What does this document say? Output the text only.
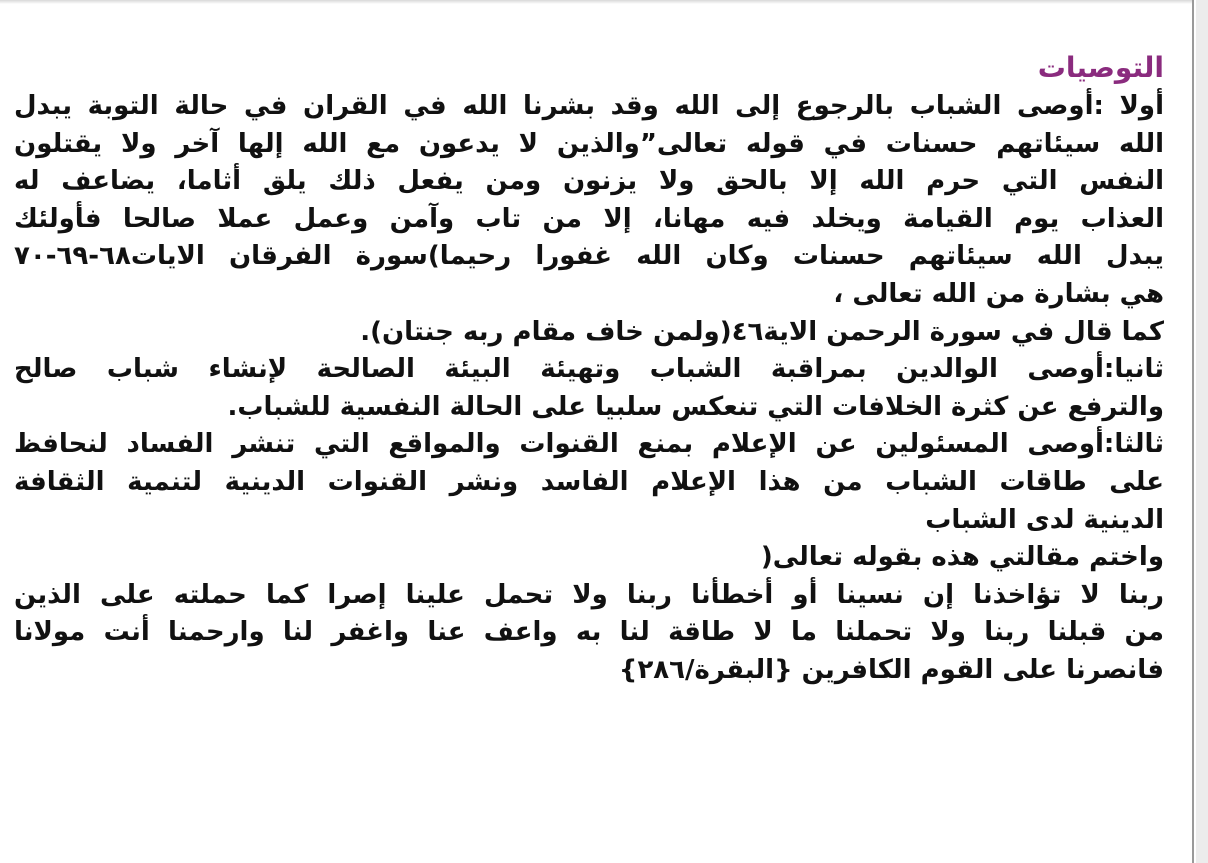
التوصيات
أولا :أوصى الشباب بالرجوع إلى الله وقد بشرنا الله في القران في حالة التوبة يبدل
الله سيئاتهم حسنات في قوله تعالى”والذين لا يدعون مع الله إلها آخر ولا يقتلون
النفس التي حرم الله إلا بالحق ولا يزنون ومن يفعل ذلك يلق أثاما، يضاعف له
العذاب يوم القيامة ويخلد فيه مهانا، إلا من تاب وآمن وعمل عملا صالحا فأولئك
يبدل الله سيئاتهم حسنات وكان الله غفورا رحيما)سورة الفرقان الايات٦٨-٦٩-٧٠
هي بشارة من الله تعالى ،
كما قال في سورة الرحمن الاية٤٦(ولمن خاف مقام ربه جنتان).
ثانيا:أوصى الوالدين بمراقبة الشباب وتهيئة البيئة الصالحة لإنشاء شباب صالح
والترفع عن كثرة الخلافات التي تنعكس سلبيا على الحالة النفسية للشباب.
ثالثا:أوصى المسئولين عن الإعلام بمنع القنوات والمواقع التي تنشر الفساد لنحافظ
على طاقات الشباب من هذا الإعلام الفاسد ونشر القنوات الدينية لتنمية الثقافة
الدينية لدى الشباب
واختم مقالتي هذه بقوله تعالى(
ربنا لا تؤاخذنا إن نسينا أو أخطأنا ربنا ولا تحمل علينا إصرا كما حملته على الذين
من قبلنا ربنا ولا تحملنا ما لا طاقة لنا به واعف عنا واغفر لنا وارحمنا أنت مولانا
فانصرنا على القوم الكافرين {البقرة/٢٨٦}
